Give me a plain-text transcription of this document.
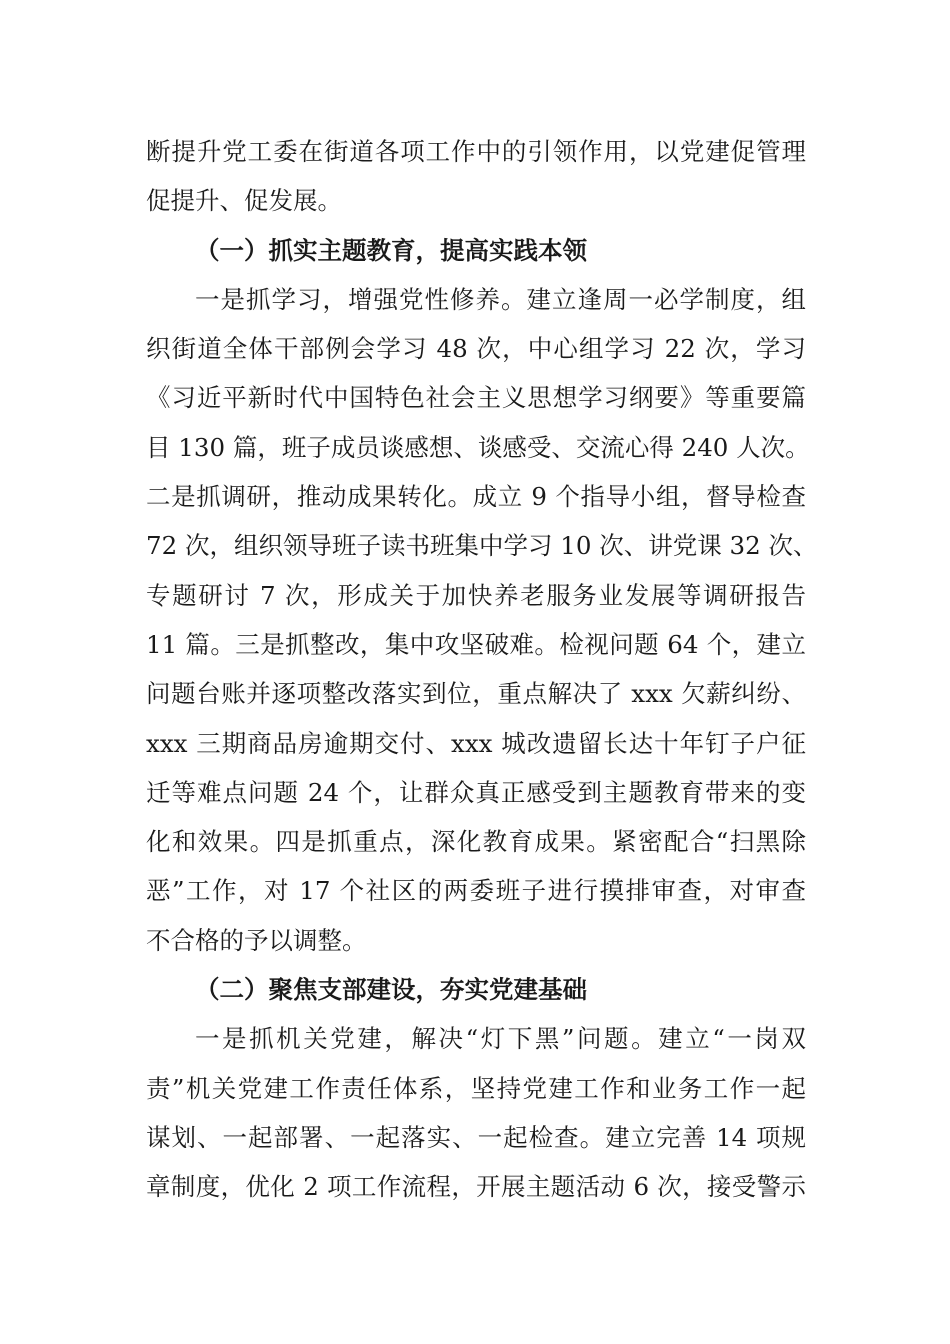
断提升党工委在街道各项工作中的引领作用，以党建促管理
促提升、促发展。
（一）抓实主题教育，提高实践本领
一是抓学习，增强党性修养。建立逢周一必学制度，组
织街道全体干部例会学习 48 次，中心组学习 22 次，学习
《习近平新时代中国特色社会主义思想学习纲要》等重要篇
目 130 篇，班子成员谈感想、谈感受、交流心得 240 人次。
二是抓调研，推动成果转化。成立 9 个指导小组，督导检查
72 次，组织领导班子读书班集中学习 10 次、讲党课 32 次、
专题研讨 7 次，形成关于加快养老服务业发展等调研报告
11 篇。三是抓整改，集中攻坚破难。检视问题 64 个，建立
问题台账并逐项整改落实到位，重点解决了 xxx 欠薪纠纷、
xxx 三期商品房逾期交付、xxx 城改遗留长达十年钉子户征
迁等难点问题 24 个，让群众真正感受到主题教育带来的变
化和效果。四是抓重点，深化教育成果。紧密配合“扫黑除
恶”工作，对 17 个社区的两委班子进行摸排审查，对审查
不合格的予以调整。
（二）聚焦支部建设，夯实党建基础
一是抓机关党建，解决“灯下黑”问题。建立“一岗双
责”机关党建工作责任体系，坚持党建工作和业务工作一起
谋划、一起部署、一起落实、一起检查。建立完善 14 项规
章制度，优化 2 项工作流程，开展主题活动 6 次，接受警示
